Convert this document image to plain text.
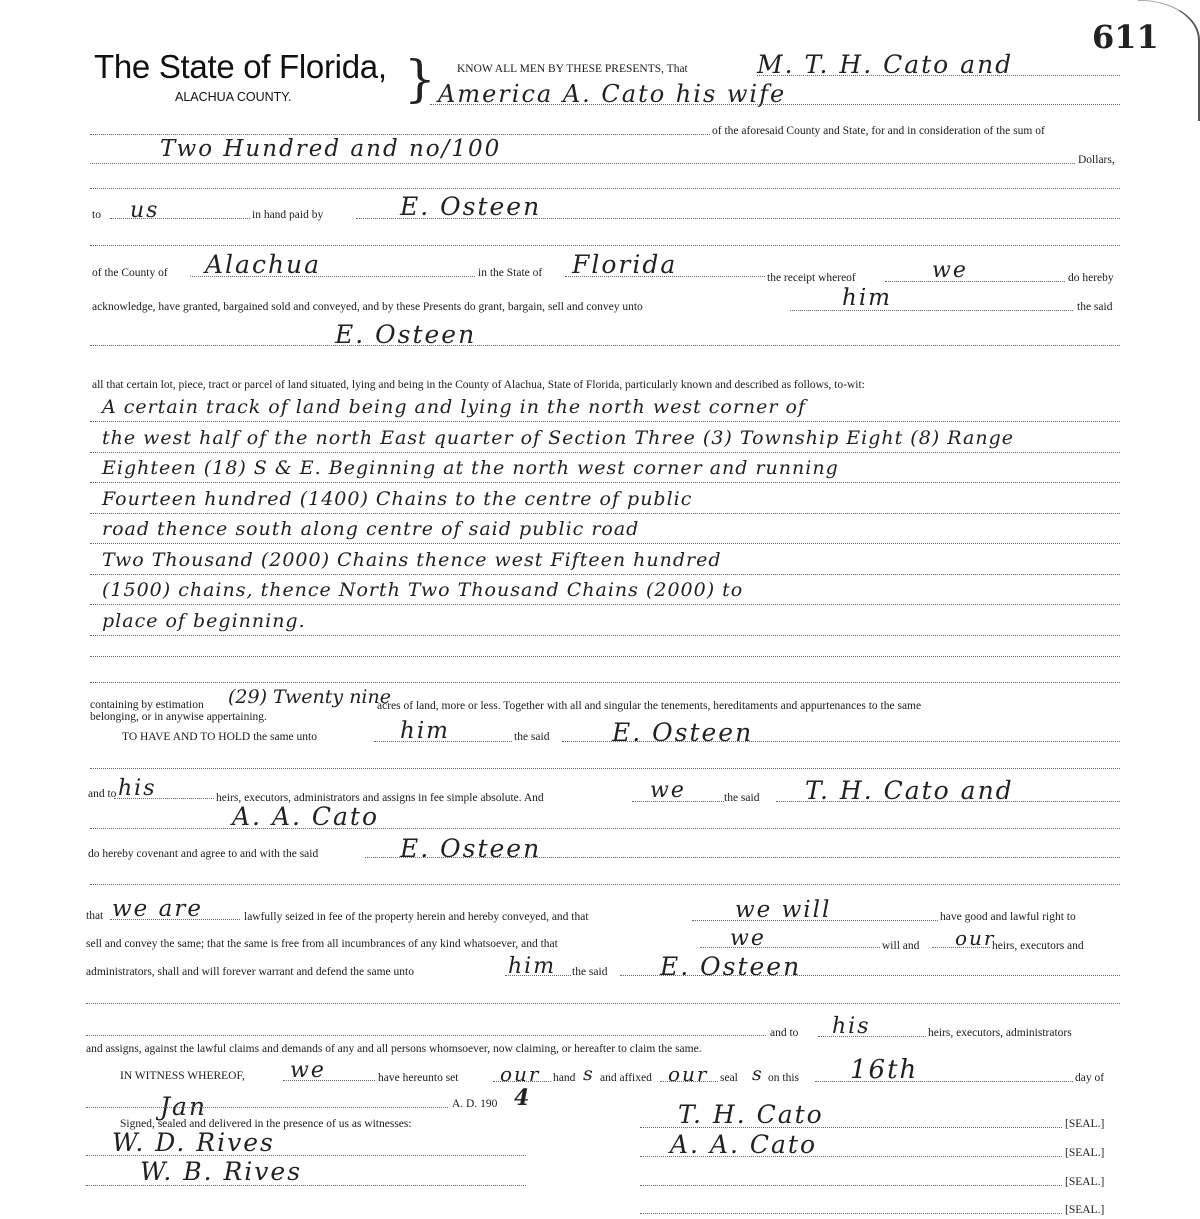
611
The State of Florida,
ALACHUA COUNTY. } KNOW ALL MEN BY THESE PRESENTS, That	M. T. H. Cato and
America A. Cato his wife
of the aforesaid County and State, for and in consideration of the sum of
Two Hundred and no/100	Dollars,
to us	in hand paid by	E. Osteen
of the County of Alachua	in the State of Florida	the receipt whereof	we	do hereby
acknowledge, have granted, bargained sold and conveyed, and by these Presents do grant, bargain, sell and convey unto	him	the said
E. Osteen
all that certain lot, piece, tract or parcel of land situated, lying and being in the County of Alachua, State of Florida, particularly known and described as follows, to-wit:
A certain track of land being and lying in the north west corner of
the west half of the north East quarter of Section Three (3) Township Eight (8) Range
Eighteen (18) S & E. Beginning at the north west corner and running
Fourteen hundred (1400) Chains to the centre of public
road thence south along centre of said public road
Two Thousand (2000) Chains thence west Fifteen hundred
(1500) chains, thence North Two Thousand Chains (2000) to
place of beginning.
containing by estimation (29) Twenty nine
acres of land, more or less. Together with all and singular the tenements, hereditaments and appurtenances to the same
belonging, or in anywise appertaining.
TO HAVE AND TO HOLD the same unto	him	the said	E. Osteen
and to his	heirs, executors, administrators and assigns in fee simple absolute. And	we	the said T. H. Cato and
A. A. Cato
do hereby covenant and agree to and with the said	E. Osteen
that we are	lawfully seized in fee of the property herein and hereby conveyed, and that	we will	have good and lawful right to
sell and convey the same; that the same is free from all incumbrances of any kind whatsoever, and that	we	will and our
heirs, executors and
administrators, shall and will forever warrant and defend the same unto	him the said E. Osteen
and to his	heirs, executors, administrators
and assigns, against the lawful claims and demands of any and all persons whomsoever, now claiming, or hereafter to claim the same.
IN WITNESS WHEREOF, we	have hereunto set our hand s and affixed our seal s on this 16th	day of
Jan	A. D. 190 4
Signed, sealed and delivered in the presence of us as witnesses:	T. H. Cato	[SEAL.]
W. D. Rives	A. A. Cato	[SEAL.]
W. B. Rives	[SEAL.]
[SEAL.]
